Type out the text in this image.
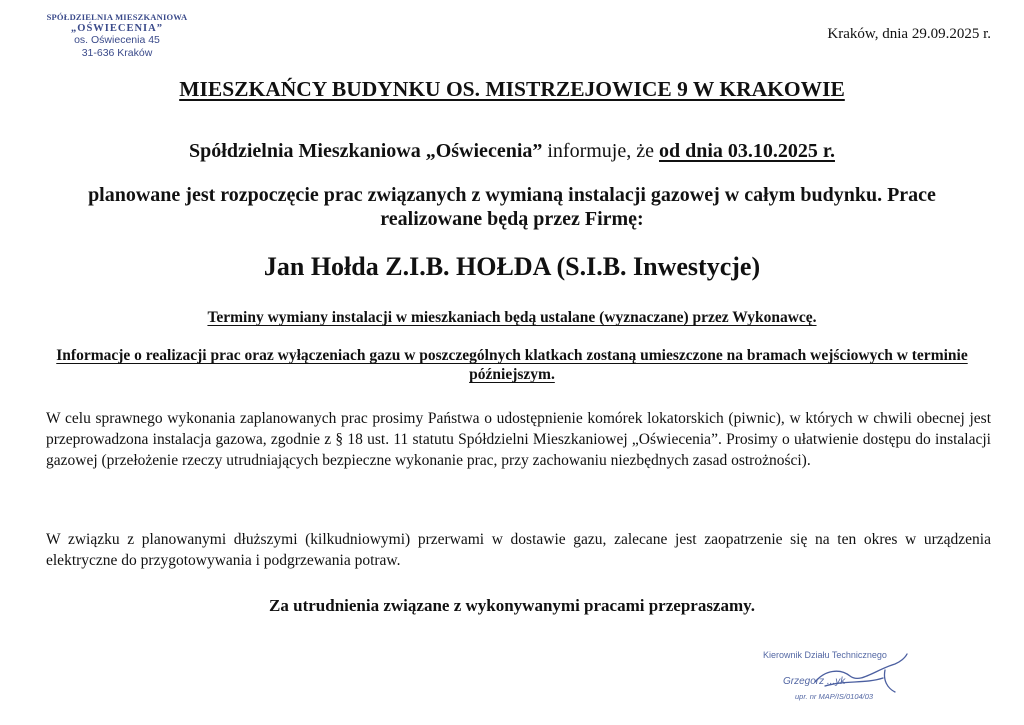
SPÓŁDZIELNIA MIESZKANIOWA
„OŚWIECENIA”
os. Oświecenia 45
31-636 Kraków
Kraków, dnia 29.09.2025 r.
MIESZKAŃCY BUDYNKU OS. MISTRZEJOWICE 9 W KRAKOWIE
Spółdzielnia Mieszkaniowa „Oświecenia” informuje, że od dnia 03.10.2025 r.
planowane jest rozpoczęcie prac związanych z wymianą instalacji gazowej w całym budynku. Prace realizowane będą przez Firmę:
Jan Hołda Z.I.B. HOŁDA (S.I.B. Inwestycje)
Terminy wymiany instalacji w mieszkaniach będą ustalane (wyznaczane) przez Wykonawcę.
Informacje o realizacji prac oraz wyłączeniach gazu w poszczególnych klatkach zostaną umieszczone na bramach wejściowych w terminie późniejszym.
W celu sprawnego wykonania zaplanowanych prac prosimy Państwa o udostępnienie komórek lokatorskich (piwnic), w których w chwili obecnej jest przeprowadzona instalacja gazowa, zgodnie z § 18 ust. 11 statutu Spółdzielni Mieszkaniowej „Oświecenia”. Prosimy o ułatwienie dostępu do instalacji gazowej (przełożenie rzeczy utrudniających bezpieczne wykonanie prac, przy zachowaniu niezbędnych zasad ostrożności).
W związku z planowanymi dłuższymi (kilkudniowymi) przerwami w dostawie gazu, zalecane jest zaopatrzenie się na ten okres w urządzenia elektryczne do przygotowywania i podgrzewania potraw.
Za utrudnienia związane z wykonywanymi pracami przepraszamy.
Kierownik Działu Technicznego
Grzegorz ...yk
upr. nr MAP/IS/0104/03
